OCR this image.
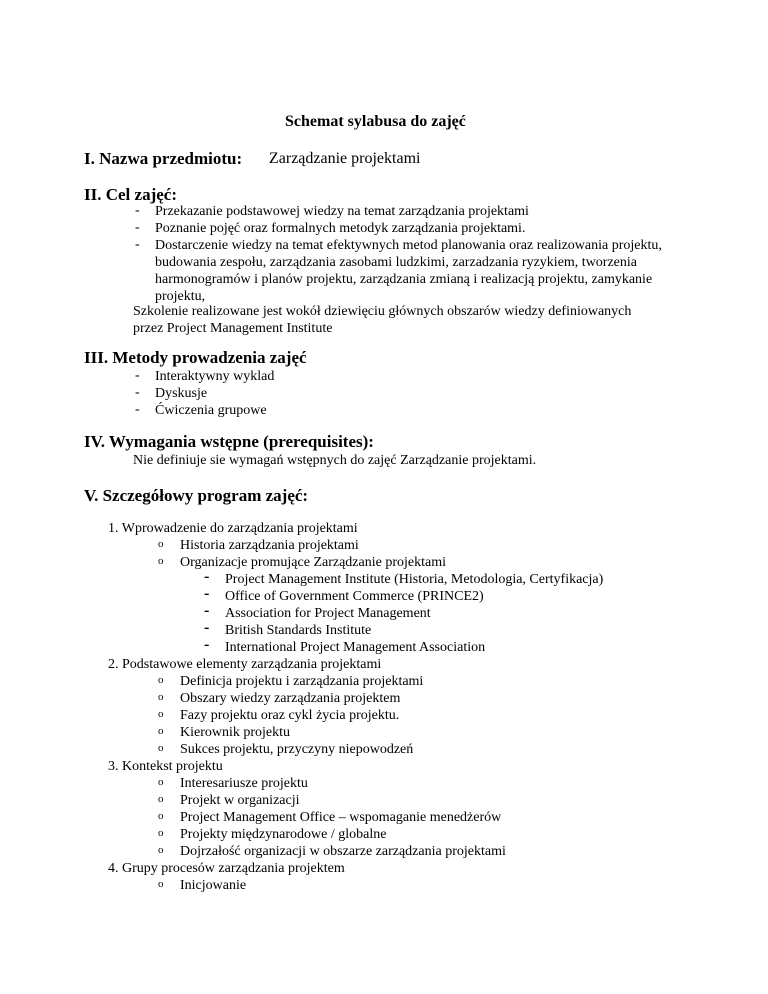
Schemat sylabusa do zajęć
I. Nazwa przedmiotu: Zarządzanie projektami
II. Cel zajęć:
- Przekazanie podstawowej wiedzy na temat zarządzania projektami
- Poznanie pojęć oraz formalnych metodyk zarządzania projektami.
- Dostarczenie wiedzy na temat efektywnych metod planowania oraz realizowania projektu, budowania zespołu, zarządzania zasobami ludzkimi, zarzadzania ryzykiem, tworzenia harmonogramów i planów projektu, zarządzania zmianą i realizacją projektu, zamykanie projektu,
Szkolenie realizowane jest wokół dziewięciu głównych obszarów wiedzy definiowanych
przez Project Management Institute
III. Metody prowadzenia zajęć
- Interaktywny wyklad
- Dyskusje
- Ćwiczenia grupowe
IV. Wymagania wstępne (prerequisites):
Nie definiuje sie wymagań wstępnych do zajęć Zarządzanie projektami.
V. Szczegółowy program zajęć:
1. Wprowadzenie do zarządzania projektami
o Historia zarządzania projektami
o Organizacje promujące Zarządzanie projektami
- Project Management Institute (Historia, Metodologia, Certyfikacja)
- Office of Government Commerce (PRINCE2)
- Association for Project Management
- British Standards Institute
- International Project Management Association
2. Podstawowe elementy zarządzania projektami
o Definicja projektu i zarządzania projektami
o Obszary wiedzy zarządzania projektem
o Fazy projektu oraz cykl życia projektu.
o Kierownik projektu
o Sukces projektu, przyczyny niepowodzeń
3. Kontekst projektu
o Interesariusze projektu
o Projekt w organizacji
o Project Management Office – wspomaganie menedżerów
o Projekty międzynarodowe / globalne
o Dojrzałość organizacji w obszarze zarządzania projektami
4. Grupy procesów zarządzania projektem
o Inicjowanie
